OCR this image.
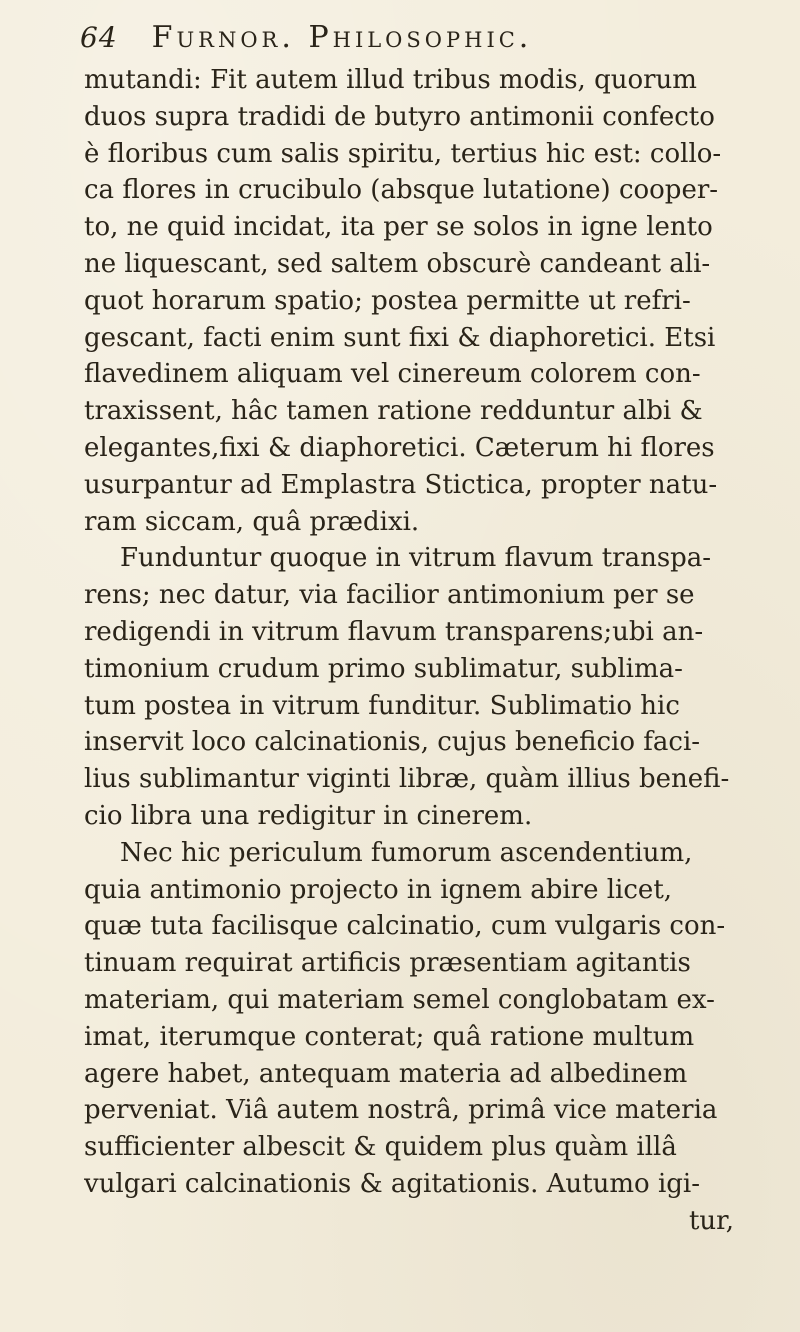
64 Furnor. Philosophic.
mutandi: Fit autem illud tribus modis, quorum
duos supra tradidi de butyro antimonii confecto
è floribus cum salis spiritu, tertius hic est: collo-
ca flores in crucibulo (absque lutatione) cooper-
to, ne quid incidat, ita per se solos in igne lento
ne liquescant, sed saltem obscurè candeant ali-
quot horarum spatio; postea permitte ut refri-
gescant, facti enim sunt fixi & diaphoretici. Etsi
flavedinem aliquam vel cinereum colorem con-
traxissent, hâc tamen ratione redduntur albi &
elegantes,fixi & diaphoretici. Cæterum hi flores
usurpantur ad Emplastra Stictica, propter natu-
ram siccam, quâ prædixi.
Funduntur quoque in vitrum flavum transpa-
rens; nec datur, via facilior antimonium per se
redigendi in vitrum flavum transparens;ubi an-
timonium crudum primo sublimatur, sublima-
tum postea in vitrum funditur. Sublimatio hic
inservit loco calcinationis, cujus beneficio faci-
lius sublimantur viginti libræ, quàm illius benefi-
cio libra una redigitur in cinerem.
Nec hic periculum fumorum ascendentium,
quia antimonio projecto in ignem abire licet,
quæ tuta facilisque calcinatio, cum vulgaris con-
tinuam requirat artificis præsentiam agitantis
materiam, qui materiam semel conglobatam ex-
imat, iterumque conterat; quâ ratione multum
agere habet, antequam materia ad albedinem
perveniat. Viâ autem nostrâ, primâ vice materia
sufficienter albescit & quidem plus quàm illâ
vulgari calcinationis & agitationis. Autumo igi-
tur,
